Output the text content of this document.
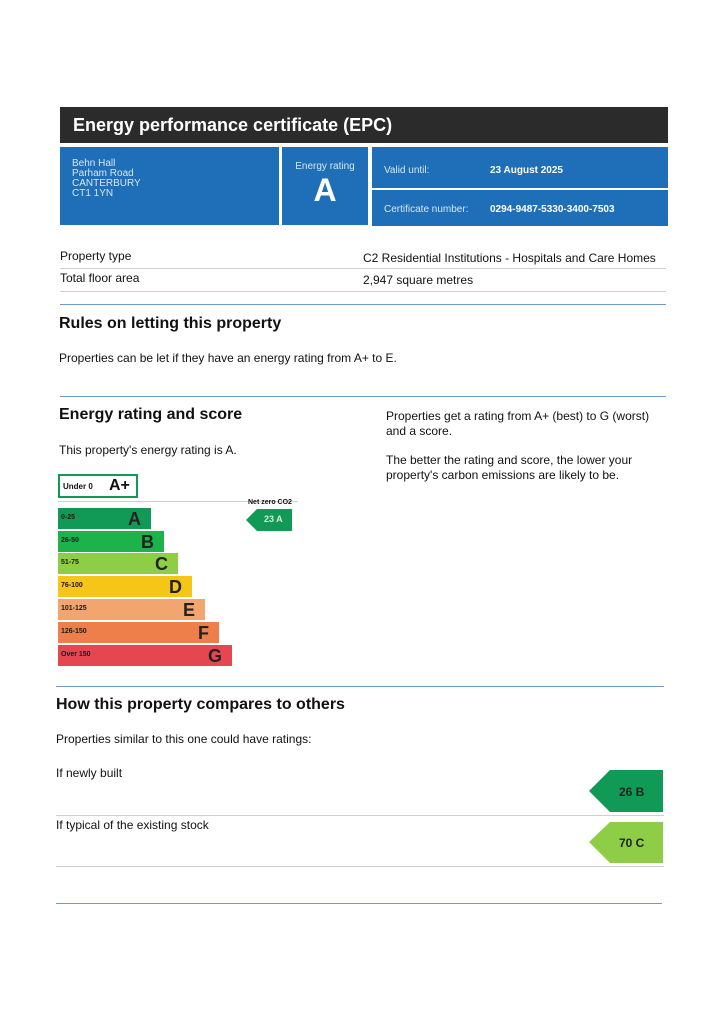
Energy performance certificate (EPC)
Behn Hall
Parham Road
CANTERBURY
CT1 1YN
Energy rating
A
Valid until:	23 August 2025
Certificate number: 0294-9487-5330-3400-7503
Property type	C2 Residential Institutions - Hospitals and Care Homes
Total floor area	2,947 square metres
Rules on letting this property
Properties can be let if they have an energy rating from A+ to E.
Energy rating and score
This property's energy rating is A.
Properties get a rating from A+ (best) to G (worst) and a score.
The better the rating and score, the lower your property's carbon emissions are likely to be.
Under 0 A+
0-25	A
26-50	B
51-75	C
76-100	D
101-125	E
126-150	F
Over 150	G
Net zero CO2
23 A
How this property compares to others
Properties similar to this one could have ratings:
If newly built
26 B
If typical of the existing stock
70 C
